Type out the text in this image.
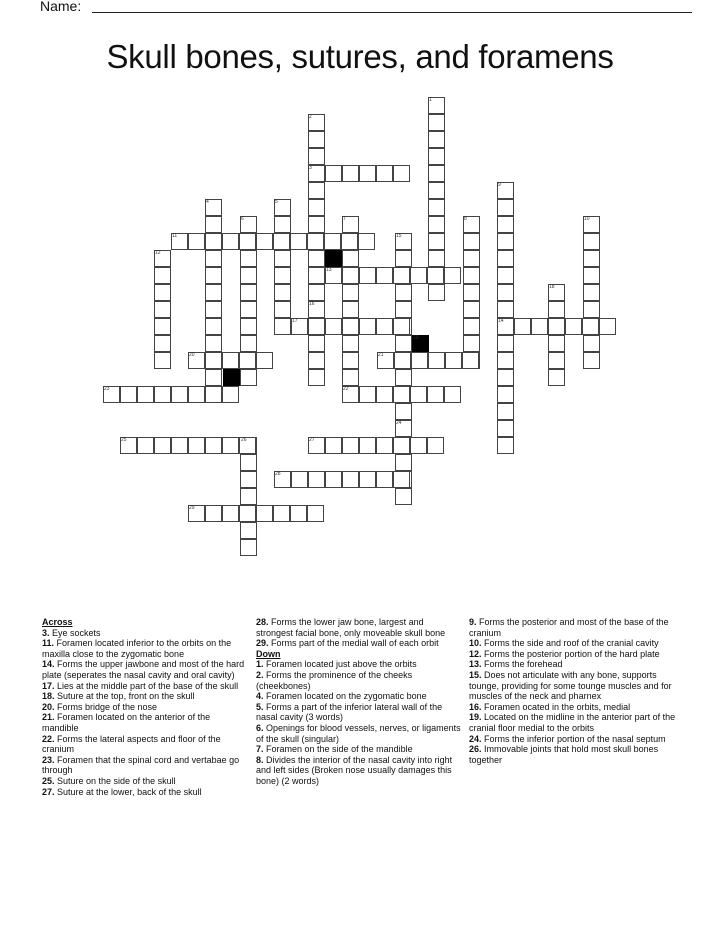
Name:
Skull bones, sutures, and foramens
1
2
3
4	5
6	7	8
9
10
11
12
13
14
15
16
17
18
19
20	21
22
23
24
25	26	27
28
29
Across
3. Eye sockets
11. Foramen located inferior to the orbits on the maxilla close to the zygomatic bone
14. Forms the upper jawbone and most of the hard plate (seperates the nasal cavity and oral cavity)
17. Lies at the middle part of the base of the skull
18. Suture at the top, front on the skull
20. Forms bridge of the nose
21. Foramen located on the anterior of the mandible
22. Forms the lateral aspects and floor of the cranium
23. Foramen that the spinal cord and vertabae go through
25. Suture on the side of the skull
27. Suture at the lower, back of the skull
28. Forms the lower jaw bone, largest and strongest facial bone, only moveable skull bone
29. Forms part of the medial wall of each orbit
Down
1. Foramen located just above the orbits
2. Forms the prominence of the cheeks (cheekbones)
4. Foramen located on the zygomatic bone
5. Forms a part of the inferior lateral wall of the nasal cavity (3 words)
6. Openings for blood vessels, nerves, or ligaments of the skull (singular)
7. Foramen on the side of the mandible
8. Divides the interior of the nasal cavity into right and left sides (Broken nose usually damages this bone) (2 words)
9. Forms the posterior and most of the base of the cranium
10. Forms the side and roof of the cranial cavity
12. Forms the posterior portion of the hard plate
13. Forms the forehead
15. Does not articulate with any bone, supports tounge, providing for some tounge muscles and for muscles of the neck and pharnex
16. Foramen ocated in the orbits, medial
19. Located on the midline in the anterior part of the cranial floor medial to the orbits
24. Forms the inferior portion of the nasal septum
26. Immovable joints that hold most skull bones together
